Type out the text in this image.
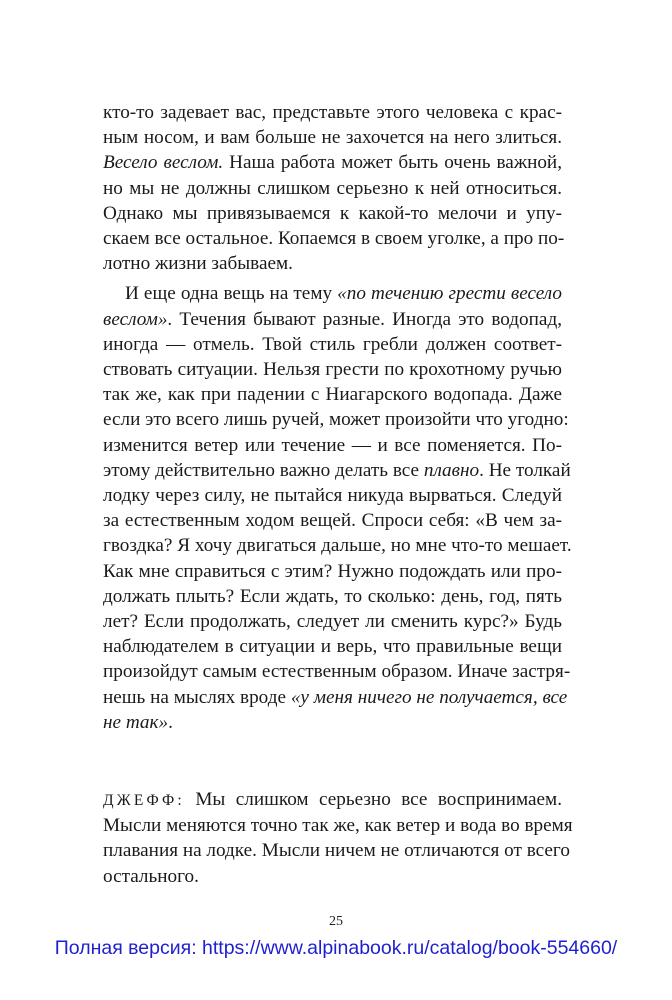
кто-то задевает вас, представьте этого человека с крас-
ным носом, и вам больше не захочется на него злиться.
Весело веслом. Наша работа может быть очень важной,
но мы не должны слишком серьезно к ней относиться.
Однако мы привязываемся к какой-то мелочи и упу-
скаем все остальное. Копаемся в своем уголке, а про по-
лотно жизни забываем.
И еще одна вещь на тему «по течению грести весело
веслом». Течения бывают разные. Иногда это водопад,
иногда — отмель. Твой стиль гребли должен соответ-
ствовать ситуации. Нельзя грести по крохотному ручью
так же, как при падении с Ниагарского водопада. Даже
если это всего лишь ручей, может произойти что угодно:
изменится ветер или течение — и все поменяется. По-
этому действительно важно делать все плавно. Не толкай
лодку через силу, не пытайся никуда вырваться. Следуй
за естественным ходом вещей. Спроси себя: «В чем за-
гвоздка? Я хочу двигаться дальше, но мне что-то мешает.
Как мне справиться с этим? Нужно подождать или про-
должать плыть? Если ждать, то сколько: день, год, пять
лет? Если продолжать, следует ли сменить курс?» Будь
наблюдателем в ситуации и верь, что правильные вещи
произойдут самым естественным образом. Иначе застря-
нешь на мыслях вроде «у меня ничего не получается, все
не так».
ДЖЕФФ: Мы слишком серьезно все воспринимаем.
Мысли меняются точно так же, как ветер и вода во время
плавания на лодке. Мысли ничем не отличаются от всего
остального.
25
Полная версия: https://www.alpinabook.ru/catalog/book-554660/
